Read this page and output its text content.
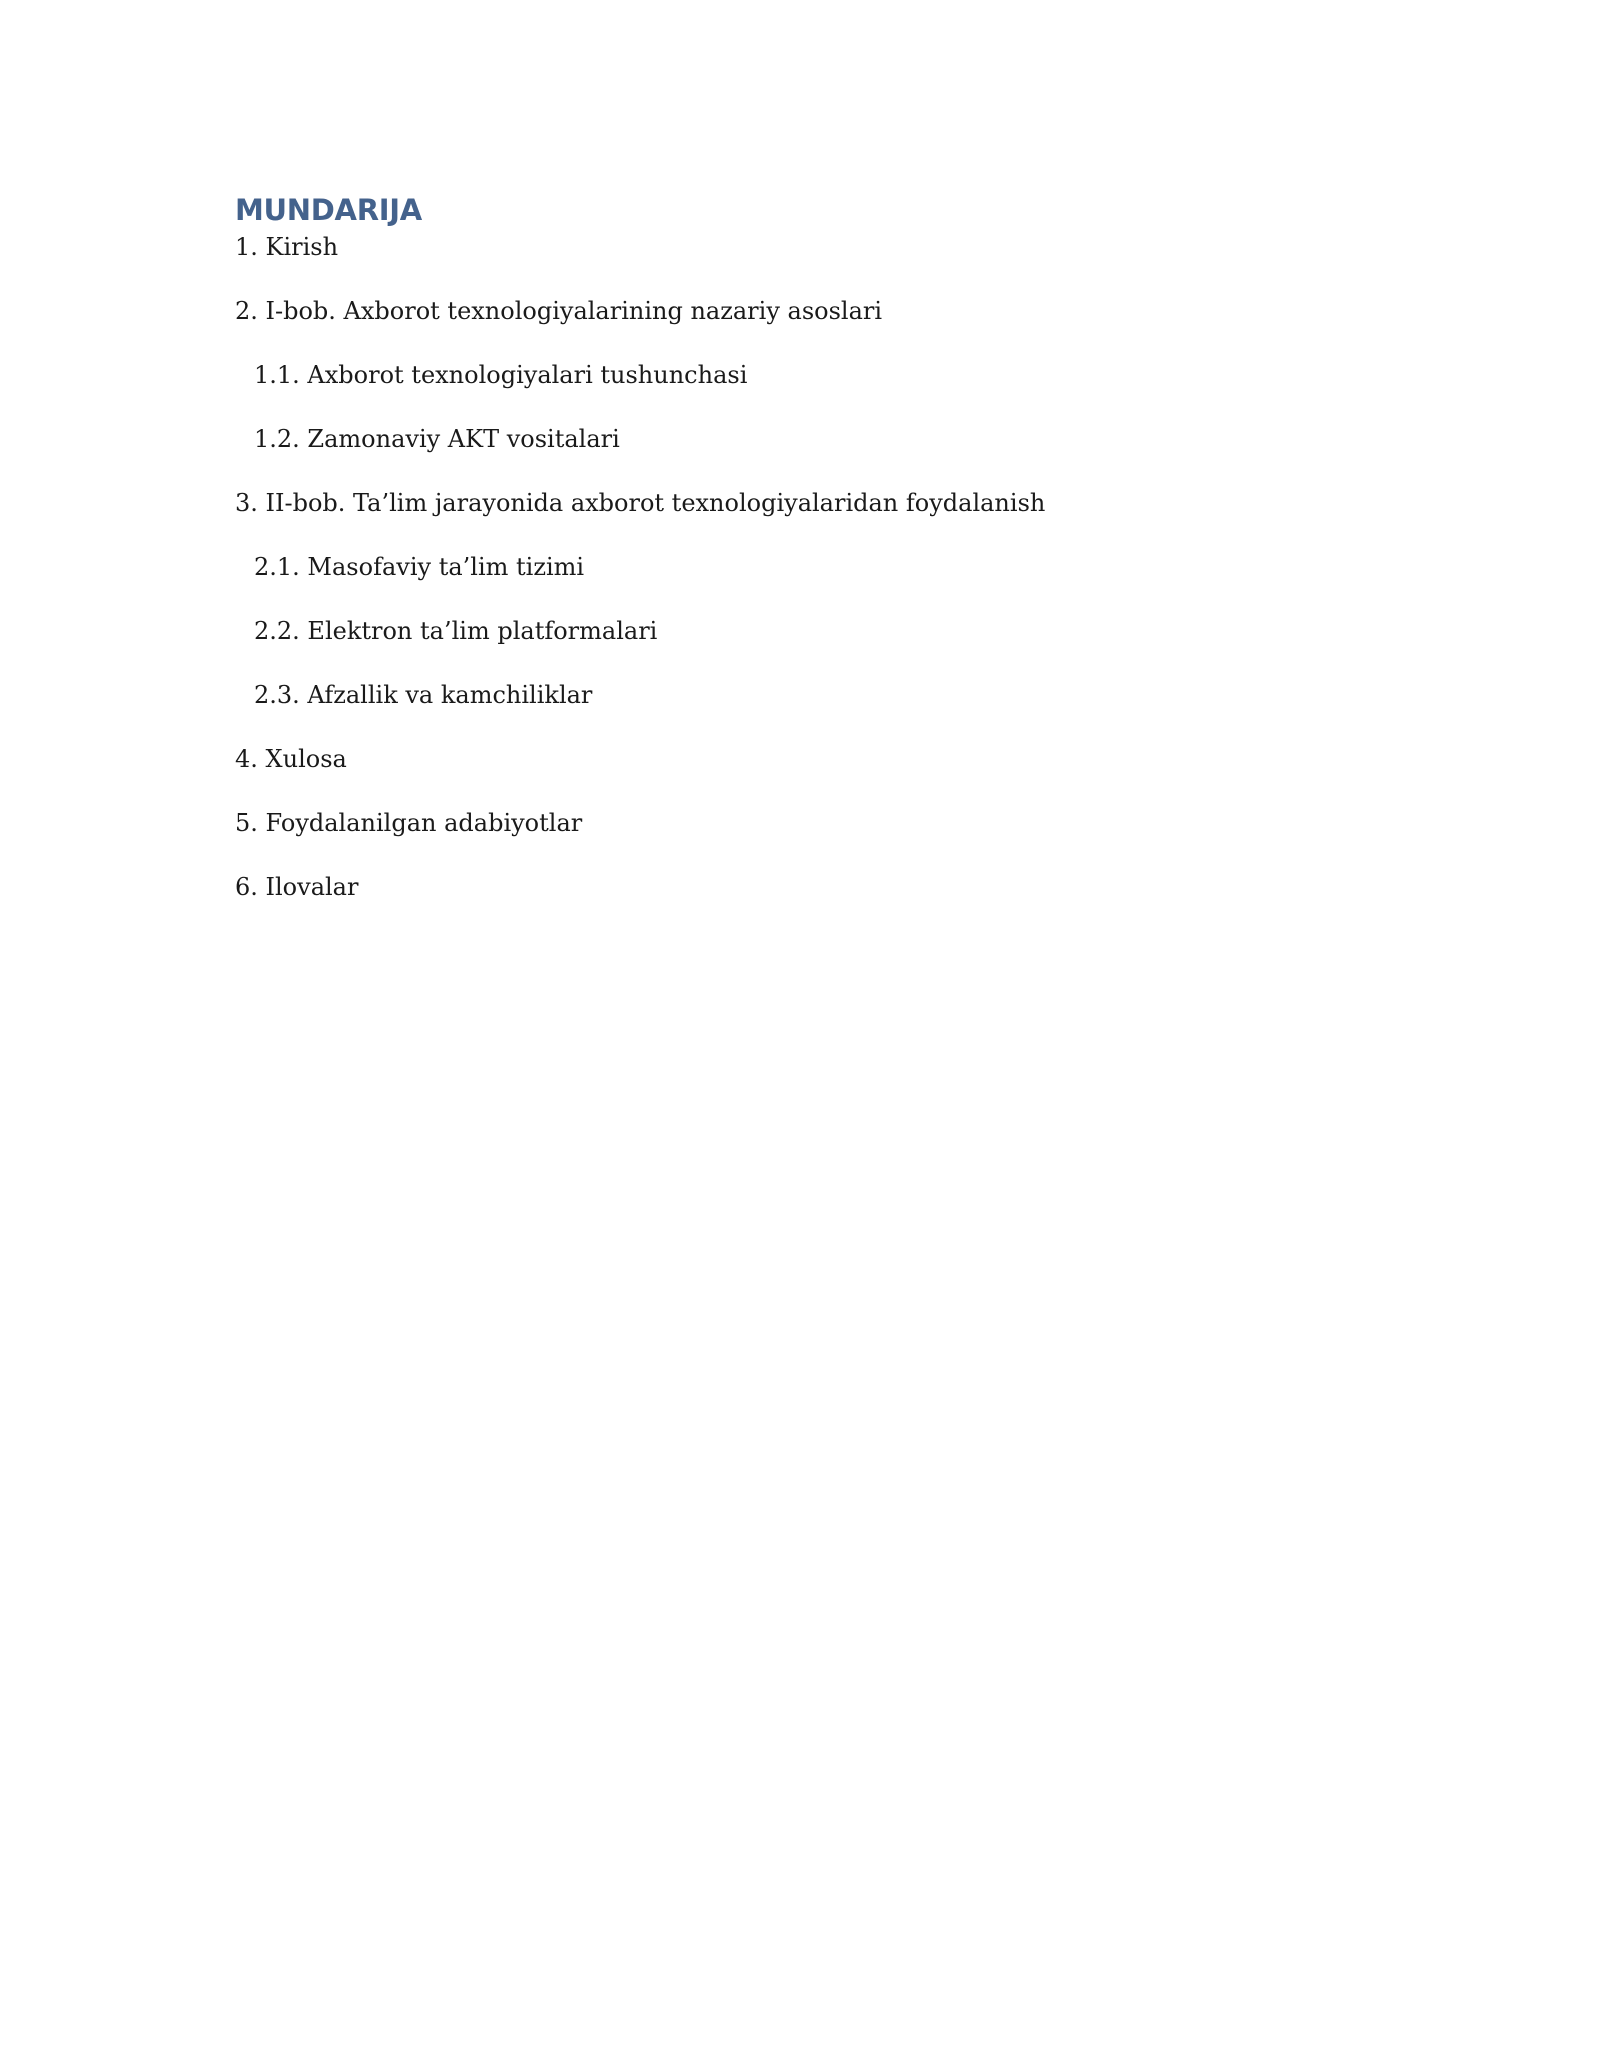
MUNDARIJA
1. Kirish
2. I-bob. Axborot texnologiyalarining nazariy asoslari
1.1. Axborot texnologiyalari tushunchasi
1.2. Zamonaviy AKT vositalari
3. II-bob. Ta’lim jarayonida axborot texnologiyalaridan foydalanish
2.1. Masofaviy ta’lim tizimi
2.2. Elektron ta’lim platformalari
2.3. Afzallik va kamchiliklar
4. Xulosa
5. Foydalanilgan adabiyotlar
6. Ilovalar
